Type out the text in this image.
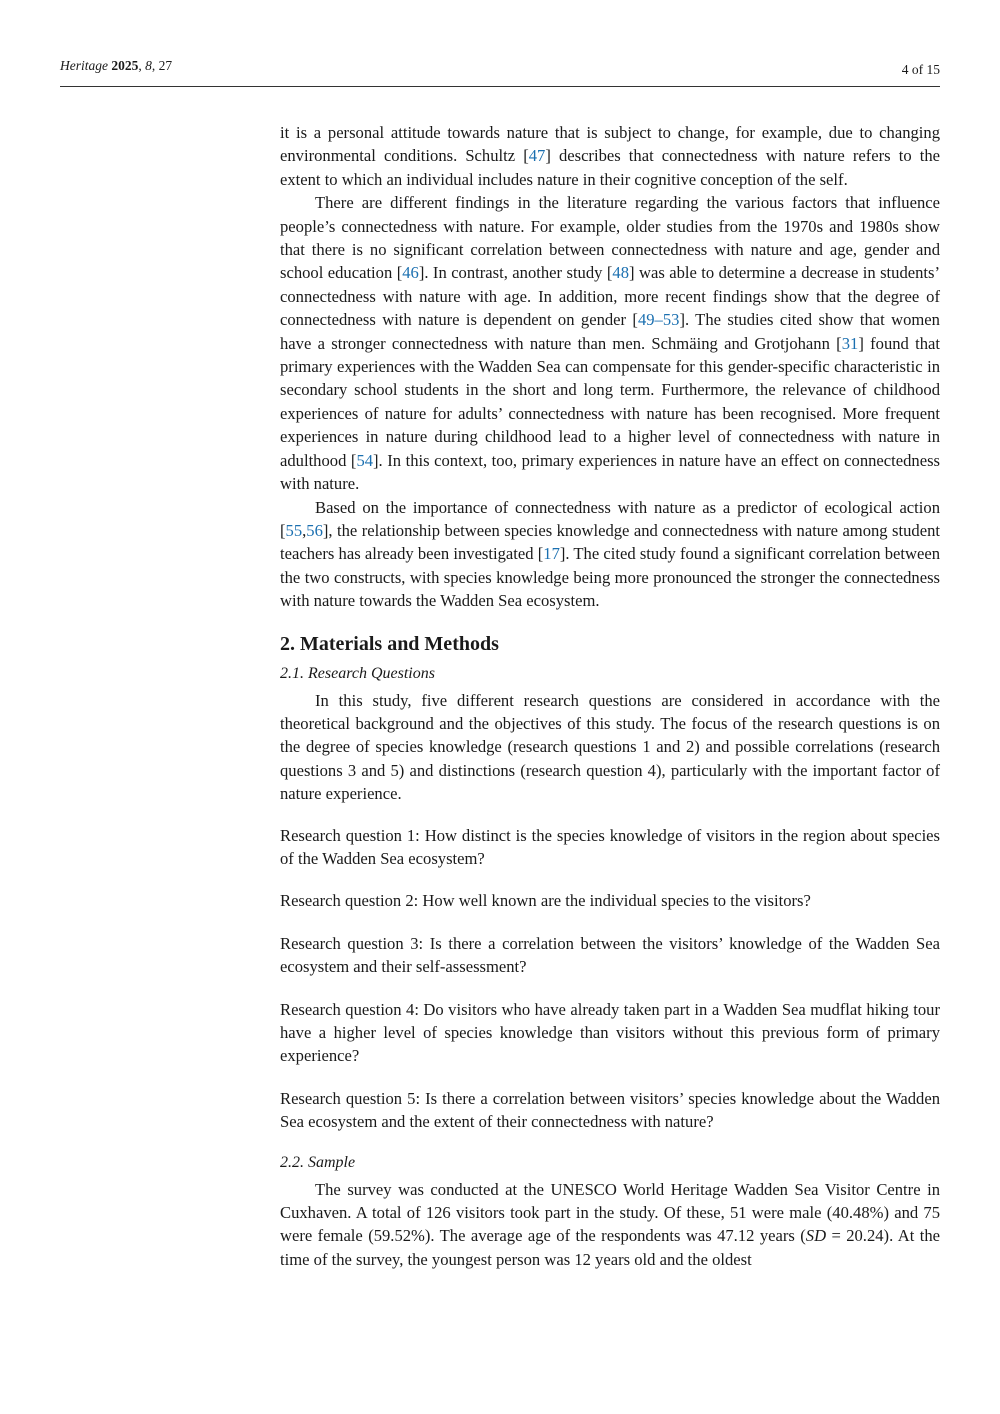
Heritage 2025, 8, 27	4 of 15

it is a personal attitude towards nature that is subject to change, for example, due to changing environmental conditions. Schultz [47] describes that connectedness with nature refers to the extent to which an individual includes nature in their cognitive conception of the self.

There are different findings in the literature regarding the various factors that influence people’s connectedness with nature. For example, older studies from the 1970s and 1980s show that there is no significant correlation between connectedness with nature and age, gender and school education [46]. In contrast, another study [48] was able to determine a decrease in students’ connectedness with nature with age. In addition, more recent findings show that the degree of connectedness with nature is dependent on gender [49–53]. The studies cited show that women have a stronger connectedness with nature than men. Schmäing and Grotjohann [31] found that primary experiences with the Wadden Sea can compensate for this gender-specific characteristic in secondary school students in the short and long term. Furthermore, the relevance of childhood experiences of nature for adults’ connectedness with nature has been recognised. More frequent experiences in nature during childhood lead to a higher level of connectedness with nature in adulthood [54]. In this context, too, primary experiences in nature have an effect on connectedness with nature.

Based on the importance of connectedness with nature as a predictor of ecological action [55,56], the relationship between species knowledge and connectedness with nature among student teachers has already been investigated [17]. The cited study found a significant correlation between the two constructs, with species knowledge being more pronounced the stronger the connectedness with nature towards the Wadden Sea ecosystem.

2. Materials and Methods
2.1. Research Questions

In this study, five different research questions are considered in accordance with the theoretical background and the objectives of this study. The focus of the research questions is on the degree of species knowledge (research questions 1 and 2) and possible correlations (research questions 3 and 5) and distinctions (research question 4), particularly with the important factor of nature experience.

Research question 1: How distinct is the species knowledge of visitors in the region about species of the Wadden Sea ecosystem?

Research question 2: How well known are the individual species to the visitors?

Research question 3: Is there a correlation between the visitors’ knowledge of the Wadden Sea ecosystem and their self-assessment?

Research question 4: Do visitors who have already taken part in a Wadden Sea mudflat hiking tour have a higher level of species knowledge than visitors without this previous form of primary experience?

Research question 5: Is there a correlation between visitors’ species knowledge about the Wadden Sea ecosystem and the extent of their connectedness with nature?

2.2. Sample

The survey was conducted at the UNESCO World Heritage Wadden Sea Visitor Centre in Cuxhaven. A total of 126 visitors took part in the study. Of these, 51 were male (40.48%) and 75 were female (59.52%). The average age of the respondents was 47.12 years (SD = 20.24). At the time of the survey, the youngest person was 12 years old and the oldest
